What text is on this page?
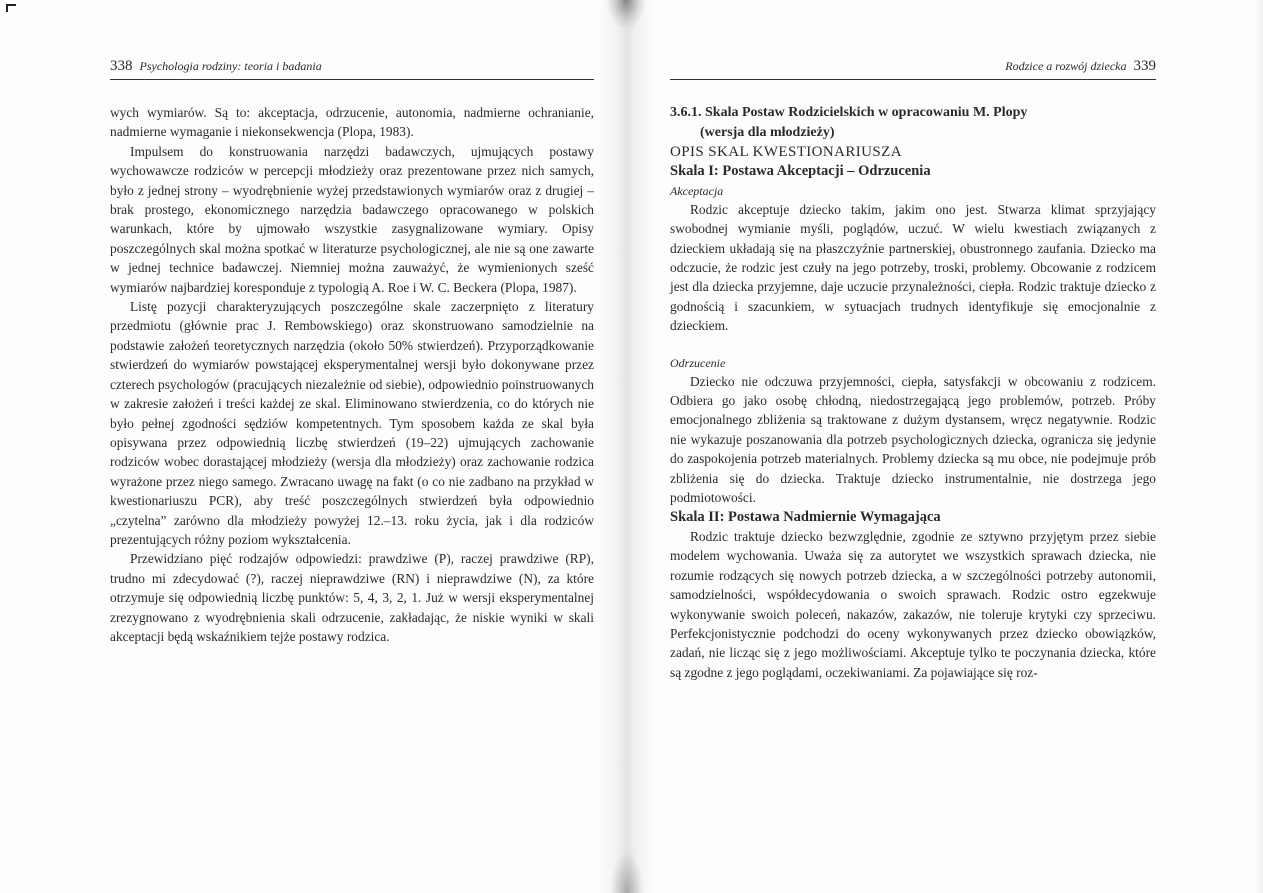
338 Psychologia rodziny: teoria i badania

wych wymiarów. Są to: akceptacja, odrzucenie, autonomia, nadmierne ochranianie, nadmierne wymaganie i niekonsekwencja (Plopa, 1983).

Impulsem do konstruowania narzędzi badawczych, ujmujących postawy wychowawcze rodziców w percepcji młodzieży oraz prezentowane przez nich samych, było z jednej strony – wyodrębnienie wyżej przedstawionych wymiarów oraz z drugiej – brak prostego, ekonomicznego narzędzia badawczego opracowanego w polskich warunkach, które by ujmowało wszystkie zasygnalizowane wymiary. Opisy poszczególnych skal można spotkać w literaturze psychologicznej, ale nie są one zawarte w jednej technice badawczej. Niemniej można zauważyć, że wymienionych sześć wymiarów najbardziej koresponduje z typologią A. Roe i W. C. Beckera (Plopa, 1987).

Listę pozycji charakteryzujących poszczególne skale zaczerpnięto z literatury przedmiotu (głównie prac J. Rembowskiego) oraz skonstruowano samodzielnie na podstawie założeń teoretycznych narzędzia (około 50% stwierdzeń). Przyporządkowanie stwierdzeń do wymiarów powstającej eksperymentalnej wersji było dokonywane przez czterech psychologów (pracujących niezależnie od siebie), odpowiednio poinstruowanych w zakresie założeń i treści każdej ze skal. Eliminowano stwierdzenia, co do których nie było pełnej zgodności sędziów kompetentnych. Tym sposobem każda ze skal była opisywana przez odpowiednią liczbę stwierdzeń (19–22) ujmujących zachowanie rodziców wobec dorastającej młodzieży (wersja dla młodzieży) oraz zachowanie rodzica wyrażone przez niego samego. Zwracano uwagę na fakt (o co nie zadbano na przykład w kwestionariuszu PCR), aby treść poszczególnych stwierdzeń była odpowiednio „czytelna” zarówno dla młodzieży powyżej 12.–13. roku życia, jak i dla rodziców prezentujących różny poziom wykształcenia.

Przewidziano pięć rodzajów odpowiedzi: prawdziwe (P), raczej prawdziwe (RP), trudno mi zdecydować (?), raczej nieprawdziwe (RN) i nieprawdziwe (N), za które otrzymuje się odpowiednią liczbę punktów: 5, 4, 3, 2, 1. Już w wersji eksperymentalnej zrezygnowano z wyodrębnienia skali odrzucenie, zakładając, że niskie wyniki w skali akceptacji będą wskaźnikiem tejże postawy rodzica.

Rodzice a rozwój dziecka 339

3.6.1. Skala Postaw Rodzicielskich w opracowaniu M. Plopy
(wersja dla młodzieży)

OPIS SKAL KWESTIONARIUSZA

Skala I: Postawa Akceptacji – Odrzucenia

Akceptacja

Rodzic akceptuje dziecko takim, jakim ono jest. Stwarza klimat sprzyjający swobodnej wymianie myśli, poglądów, uczuć. W wielu kwestiach związanych z dzieckiem układają się na płaszczyźnie partnerskiej, obustronnego zaufania. Dziecko ma odczucie, że rodzic jest czuły na jego potrzeby, troski, problemy. Obcowanie z rodzicem jest dla dziecka przyjemne, daje uczucie przynależności, ciepła. Rodzic traktuje dziecko z godnością i szacunkiem, w sytuacjach trudnych identyfikuje się emocjonalnie z dzieckiem.

Odrzucenie

Dziecko nie odczuwa przyjemności, ciepła, satysfakcji w obcowaniu z rodzicem. Odbiera go jako osobę chłodną, niedostrzegającą jego problemów, potrzeb. Próby emocjonalnego zbliżenia są traktowane z dużym dystansem, wręcz negatywnie. Rodzic nie wykazuje poszanowania dla potrzeb psychologicznych dziecka, ogranicza się jedynie do zaspokojenia potrzeb materialnych. Problemy dziecka są mu obce, nie podejmuje prób zbliżenia się do dziecka. Traktuje dziecko instrumentalnie, nie dostrzega jego podmiotowości.

Skala II: Postawa Nadmiernie Wymagająca

Rodzic traktuje dziecko bezwzględnie, zgodnie ze sztywno przyjętym przez siebie modelem wychowania. Uważa się za autorytet we wszystkich sprawach dziecka, nie rozumie rodzących się nowych potrzeb dziecka, a w szczególności potrzeby autonomii, samodzielności, współdecydowania o swoich sprawach. Rodzic ostro egzekwuje wykonywanie swoich poleceń, nakazów, zakazów, nie toleruje krytyki czy sprzeciwu. Perfekcjonistycznie podchodzi do oceny wykonywanych przez dziecko obowiązków, zadań, nie licząc się z jego możliwościami. Akceptuje tylko te poczynania dziecka, które są zgodne z jego poglądami, oczekiwaniami. Za pojawiające się roz-
